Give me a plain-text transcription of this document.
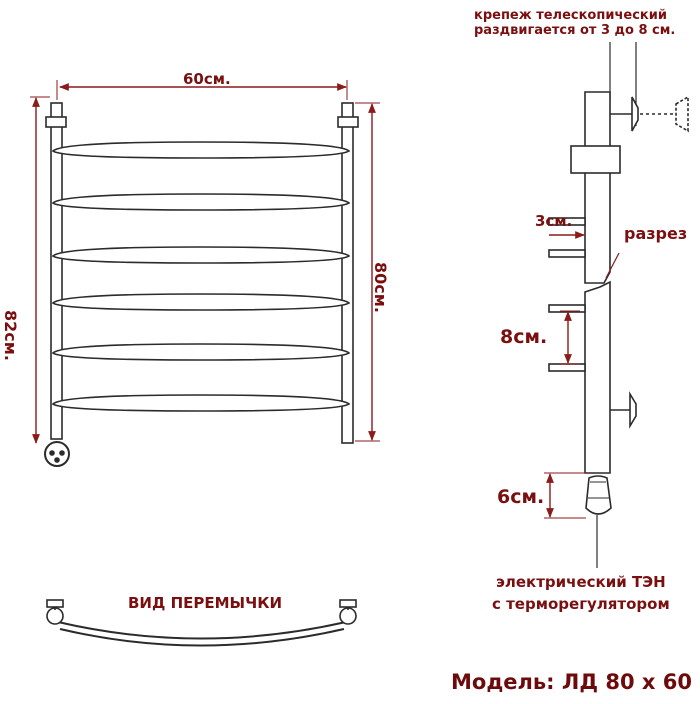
крепеж телескопический
раздвигается от 3 до 8 см.
60см.
82см.
80см.
3см.
разрез
8см.
6см.
электрический ТЭН
с терморегулятором
ВИД ПЕРЕМЫЧКИ
Модель: ЛД 80 х 60
